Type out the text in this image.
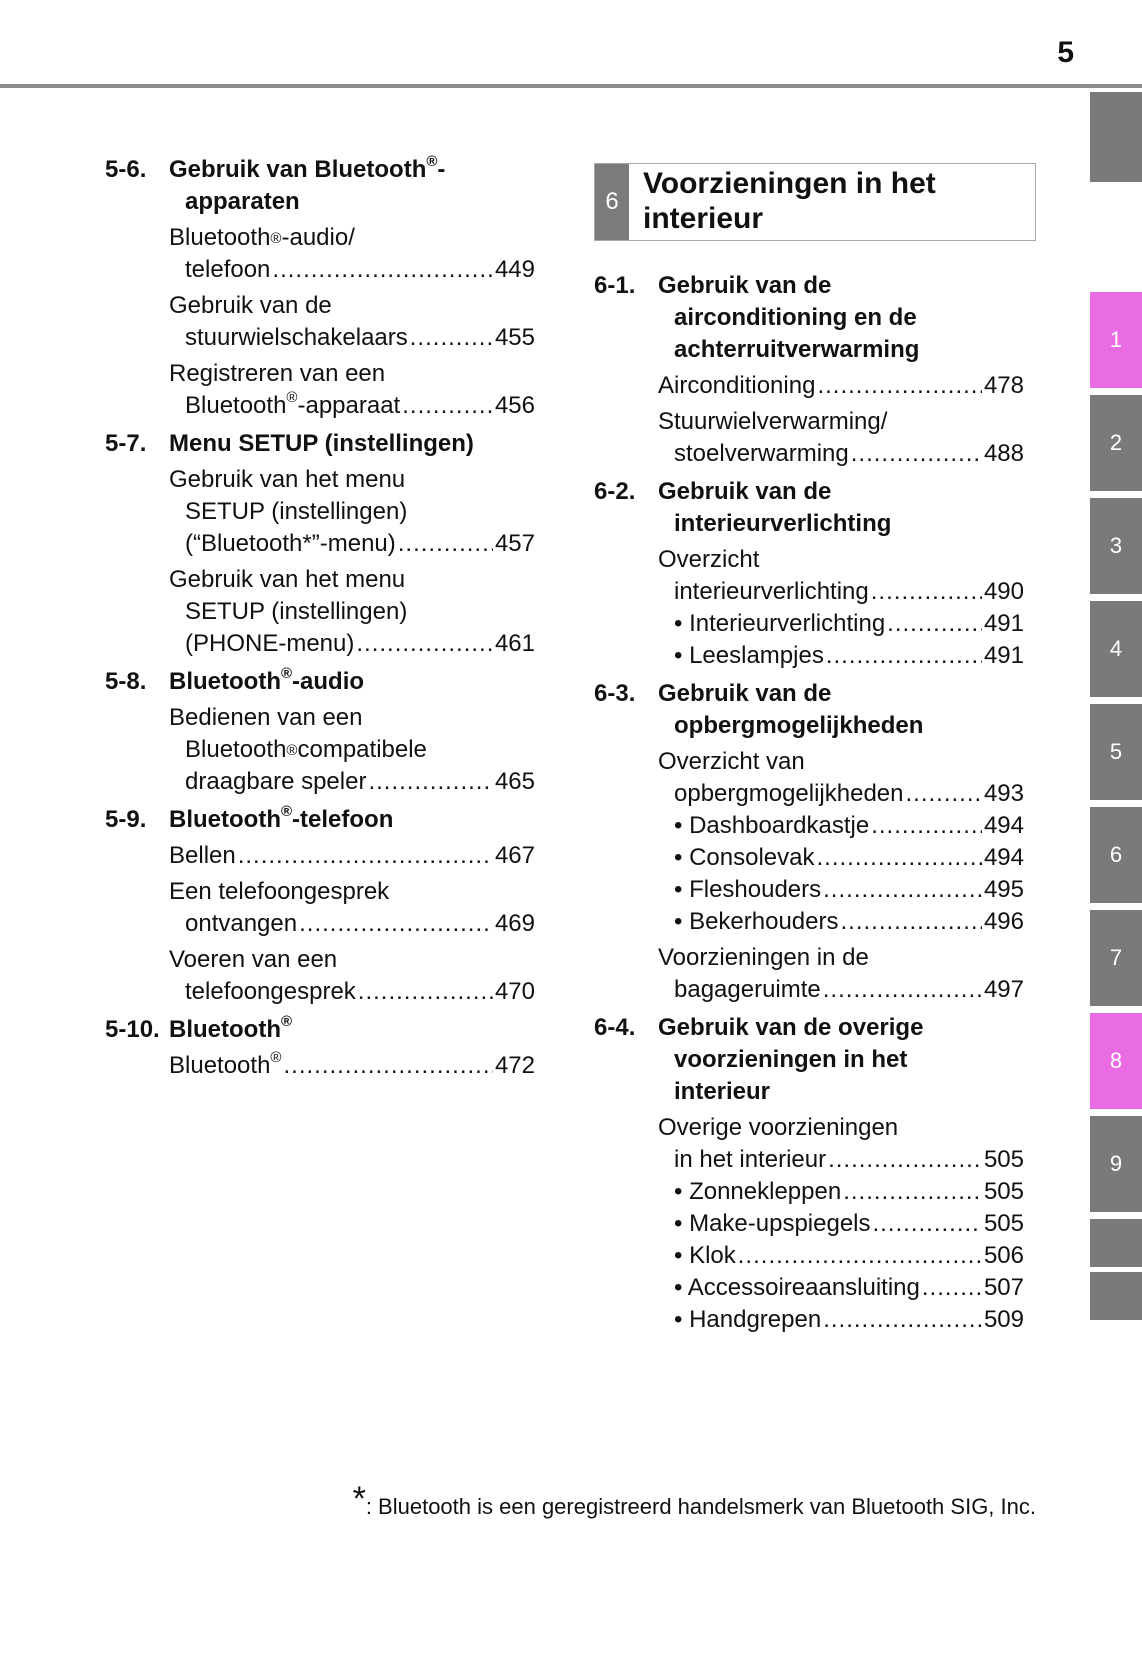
5
5-6. Gebruik van Bluetooth®-
apparaten
Bluetooth® -audio/
telefoon .....	449
Gebruik van de
stuurwielschakelaars .....	455
Registreren van een
Bluetooth®-apparaat .....	456
5-7. Menu SETUP (instellingen)
Gebruik van het menu
SETUP (instellingen)
(“Bluetooth*”-menu) .....	457
Gebruik van het menu
SETUP (instellingen)
(PHONE-menu) .....	461
5-8. Bluetooth®-audio
Bedienen van een
Bluetooth® compatibele
draagbare speler .....	465
5-9. Bluetooth®-telefoon
Bellen .....	467
Een telefoongesprek
ontvangen .....	469
Voeren van een
telefoongesprek .....	470
5-10. Bluetooth®
Bluetooth® .....	472
6
Voorzieningen in het
interieur
6-1. Gebruik van de
airconditioning en de
achterruitverwarming
Airconditioning .....	478
Stuurwielverwarming/
stoelverwarming .....	488
6-2. Gebruik van de
interieurverlichting
Overzicht
interieurverlichting .....	490
• Interieurverlichting .....	491
• Leeslampjes .....	491
6-3. Gebruik van de
opbergmogelijkheden
Overzicht van
opbergmogelijkheden .....	493
• Dashboardkastje .....	494
• Consolevak .....	494
• Fleshouders .....	495
• Bekerhouders .....	496
Voorzieningen in de
bagageruimte .....	497
6-4. Gebruik van de overige
voorzieningen in het
interieur
Overige voorzieningen
in het interieur .....	505
• Zonnekleppen .....	505
• Make-upspiegels .....	505
• Klok .....	506
• Accessoireaansluiting .....	507
• Handgrepen .....	509
1
2
3
4
5
6
7
8
9
*: Bluetooth is een geregistreerd handelsmerk van Bluetooth SIG, Inc.
